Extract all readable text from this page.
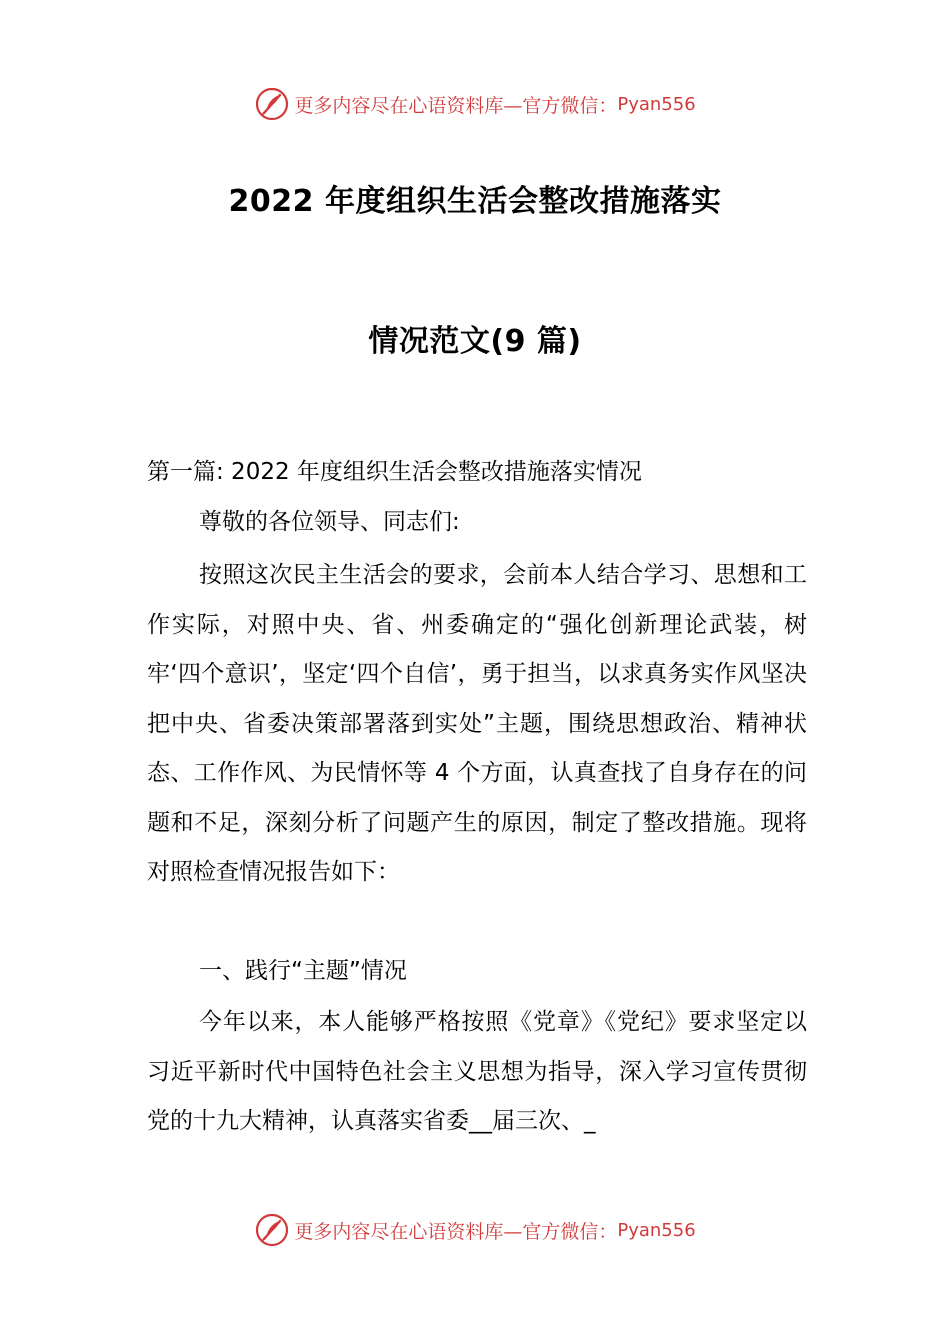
更多内容尽在心语资料库—官方微信： Pyan556
2022 年度组织生活会整改措施落实
情况范文(9 篇)
第一篇: 2022 年度组织生活会整改措施落实情况
尊敬的各位领导、同志们:
按照这次民主生活会的要求，会前本人结合学习、思想和工作实际，对照中央、省、州委确定的“强化创新理论武装，树牢‘四个意识’，坚定‘四个自信’，勇于担当，以求真务实作风坚决把中央、省委决策部署落到实处”主题，围绕思想政治、精神状态、工作作风、为民情怀等 4 个方面，认真查找了自身存在的问题和不足，深刻分析了问题产生的原因，制定了整改措施。现将对照检查情况报告如下：
一、践行“主题”情况
今年以来，本人能够严格按照《党章》《党纪》要求坚定以习近平新时代中国特色社会主义思想为指导，深入学习宣传贯彻党的十九大精神，认真落实省委__届三次、_
更多内容尽在心语资料库—官方微信： Pyan556
